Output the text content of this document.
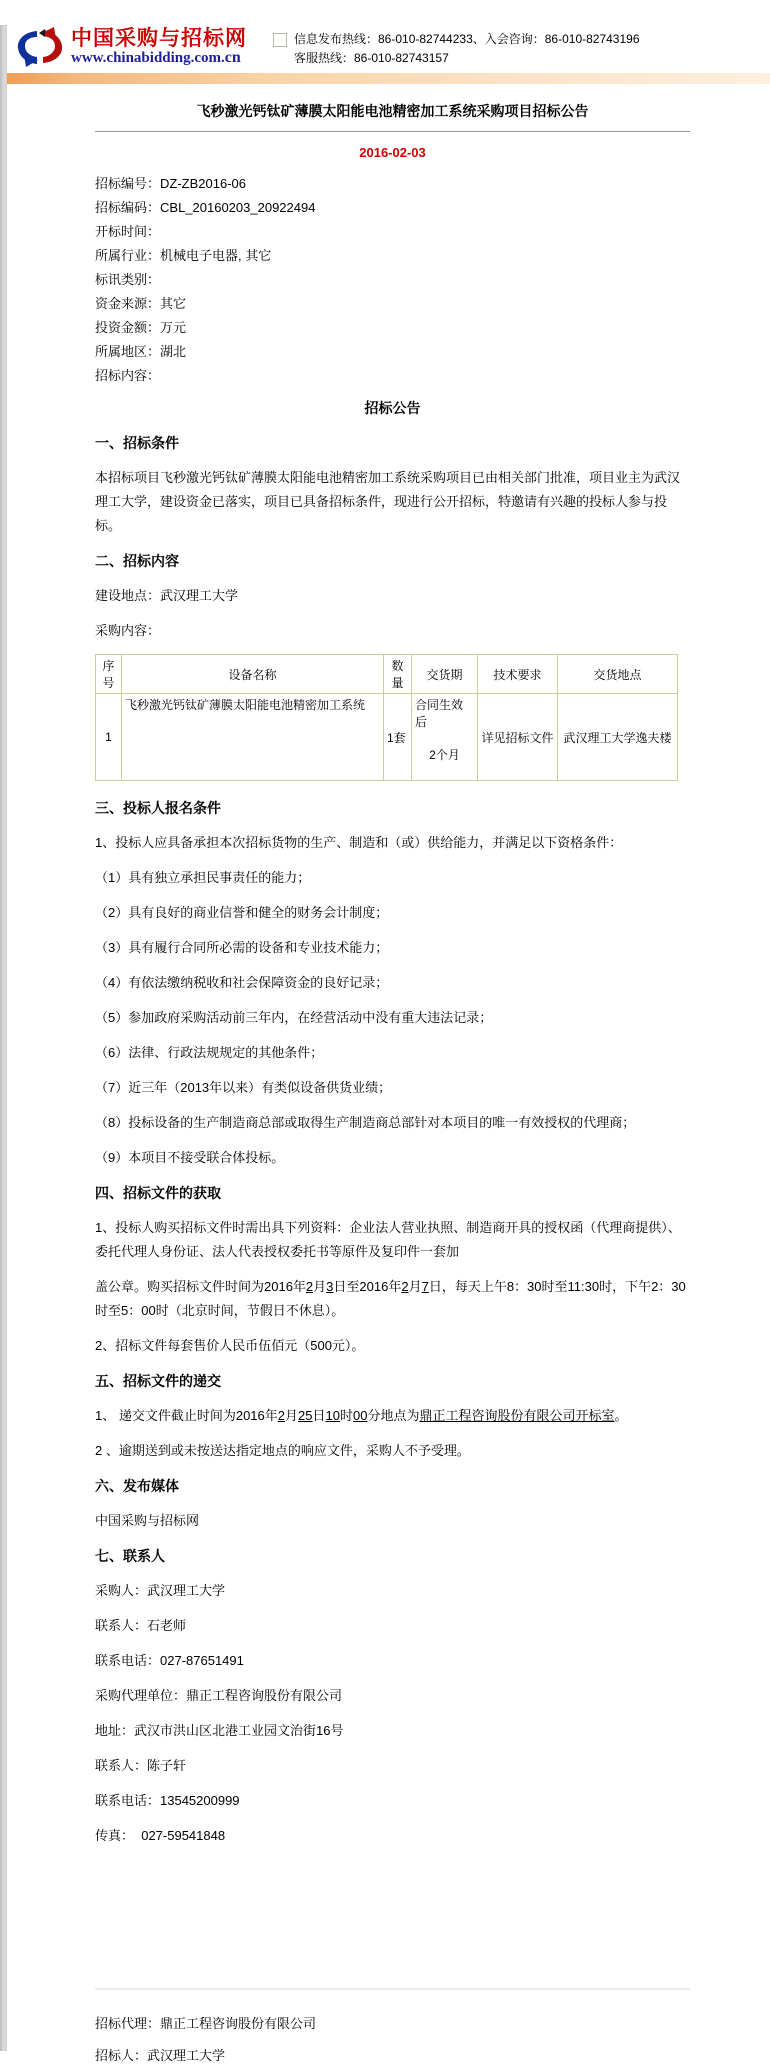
中国采购与招标网
www.chinabidding.com.cn
信息发布热线：86-010-82744233、入会咨询：86-010-82743196
客服热线：86-010-82743157
飞秒激光钙钛矿薄膜太阳能电池精密加工系统采购项目招标公告
2016-02-03
招标编号：DZ-ZB2016-06
招标编码：CBL_20160203_20922494
开标时间：
所属行业：机械电子电器, 其它
标讯类别：
资金来源：其它
投资金额：万元
所属地区：湖北
招标内容：
招标公告

一、招标条件

本招标项目飞秒激光钙钛矿薄膜太阳能电池精密加工系统采购项目已由相关部门批准，项目业主为武汉理工大学，建设资金已落实，项目已具备招标条件，现进行公开招标，特邀请有兴趣的投标人参与投标。

二、招标内容

建设地点：武汉理工大学

采购内容：

序号	设备名称	数量	交货期	技术要求	交货地点
1	飞秒激光钙钛矿薄膜太阳能电池精密加工系统	1套	合同生效后
2个月	详见招标文件	武汉理工大学逸夫楼

三、投标人报名条件

1、投标人应具备承担本次招标货物的生产、制造和（或）供给能力，并满足以下资格条件：

（1）具有独立承担民事责任的能力；

（2）具有良好的商业信誉和健全的财务会计制度；

（3）具有履行合同所必需的设备和专业技术能力；

（4）有依法缴纳税收和社会保障资金的良好记录；

（5）参加政府采购活动前三年内，在经营活动中没有重大违法记录；

（6）法律、行政法规规定的其他条件；

（7）近三年（2013年以来）有类似设备供货业绩；

（8）投标设备的生产制造商总部或取得生产制造商总部针对本项目的唯一有效授权的代理商；

（9）本项目不接受联合体投标。

四、招标文件的获取

1、投标人购买招标文件时需出具下列资料：企业法人营业执照、制造商开具的授权函（代理商提供）、委托代理人身份证、法人代表授权委托书等原件及复印件一套加

盖公章。购买招标文件时间为2016年2月3日至2016年2月7日，每天上午8：30时至11:30时，下午2：30时至5：00时（北京时间，节假日不休息）。

2、招标文件每套售价人民币伍佰元（500元）。

五、招标文件的递交

1、 递交文件截止时间为2016年2月25日10时00分地点为鼎正工程咨询股份有限公司开标室。

2 、逾期送到或未按送达指定地点的响应文件，采购人不予受理。

六、发布媒体

中国采购与招标网

七、联系人

采购人：武汉理工大学

联系人：石老师

联系电话：027-87651491

采购代理单位：鼎正工程咨询股份有限公司

地址：武汉市洪山区北港工业园文治街16号

联系人：陈子轩

联系电话：13545200999

传真：  027-59541848

招标代理：鼎正工程咨询股份有限公司

招标人：武汉理工大学
